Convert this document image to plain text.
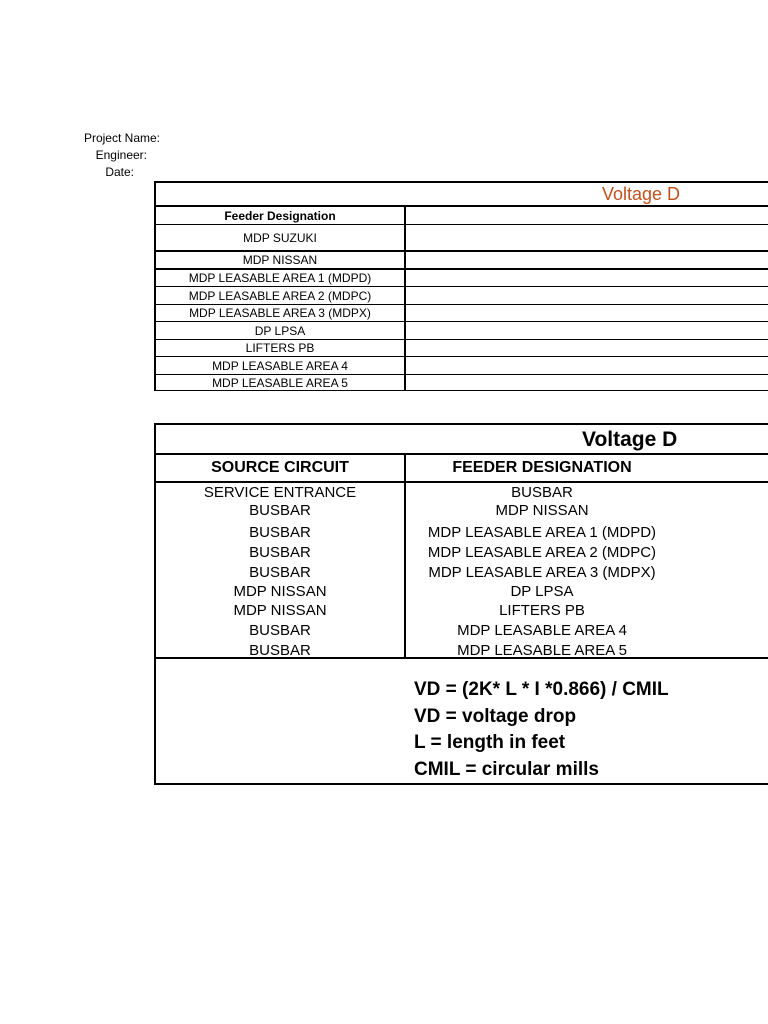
Project Name:
Engineer:
Date:
Voltage D
Feeder Designation
MDP SUZUKI
MDP NISSAN
MDP LEASABLE AREA 1 (MDPD)
MDP LEASABLE AREA 2 (MDPC)
MDP LEASABLE AREA 3 (MDPX)
DP LPSA
LIFTERS PB
MDP LEASABLE AREA 4
MDP LEASABLE AREA 5
Voltage D
SOURCE CIRCUIT	FEEDER DESIGNATION
SERVICE ENTRANCE
BUSBAR
BUSBAR
BUSBAR
BUSBAR
MDP NISSAN
MDP NISSAN
BUSBAR
BUSBAR
BUSBAR
MDP NISSAN
MDP LEASABLE AREA 1 (MDPD)
MDP LEASABLE AREA 2 (MDPC)
MDP LEASABLE AREA 3 (MDPX)
DP LPSA
LIFTERS PB
MDP LEASABLE AREA 4
MDP LEASABLE AREA 5
VD = (2K* L * I *0.866) / CMIL
VD = voltage drop
L = length in feet
CMIL = circular mills
